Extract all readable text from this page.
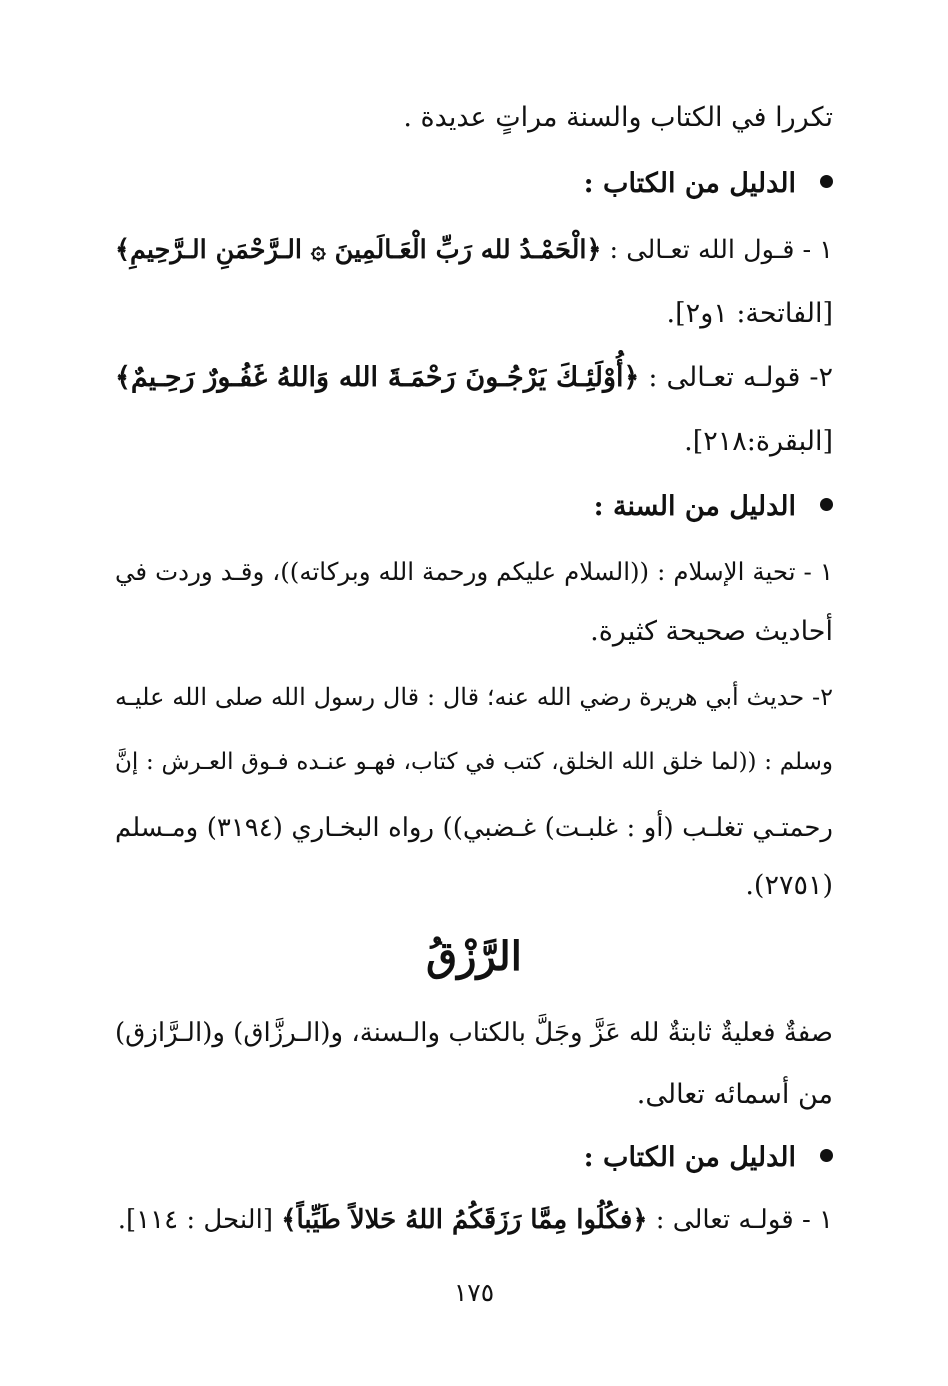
تكررا في الكتاب والسنة مراتٍ عديدة .
الدليل من الكتاب :
١ - قـول الله تعـالى : ﴿الْحَمْـدُ لله رَبِّ الْعَـالَمِينَ ۞ الـرَّحْمَنِ الـرَّحِيمِ﴾
[الفاتحة: ١و٢].
٢- قولـه تعـالى : ﴿أُوْلَئِـكَ يَرْجُـونَ رَحْمَـةَ الله وَاللهُ غَفُـورٌ رَحِـيمٌ﴾
[البقرة:٢١٨].
الدليل من السنة :
١ - تحية الإسلام : ((السلام عليكم ورحمة الله وبركاته))، وقـد وردت في
أحاديث صحيحة كثيرة.
٢- حديث أبي هريرة رضي الله عنه؛ قال : قال رسول الله صلى الله عليـه
وسلم : ((لما خلق الله الخلق، كتب في كتاب، فهـو عنـده فـوق العـرش : إنَّ
رحمتـي تغلـب (أو : غلبـت) غـضبي)) رواه البخـاري (٣١٩٤) ومـسلم
(٢٧٥١).
الرَّزْقُ
صفةٌ فعليةٌ ثابتةٌ لله عَزَّ وجَلَّ بالكتاب والـسنة، و(الـرزَّاق) و(الـرَّازق)
من أسمائه تعالى.
الدليل من الكتاب :
١ - قولـه تعالى : ﴿فكُلُوا مِمَّا رَزَقَكُمُ اللهُ حَلالاً طَيِّباً﴾ [النحل : ١١٤].
١٧٥
